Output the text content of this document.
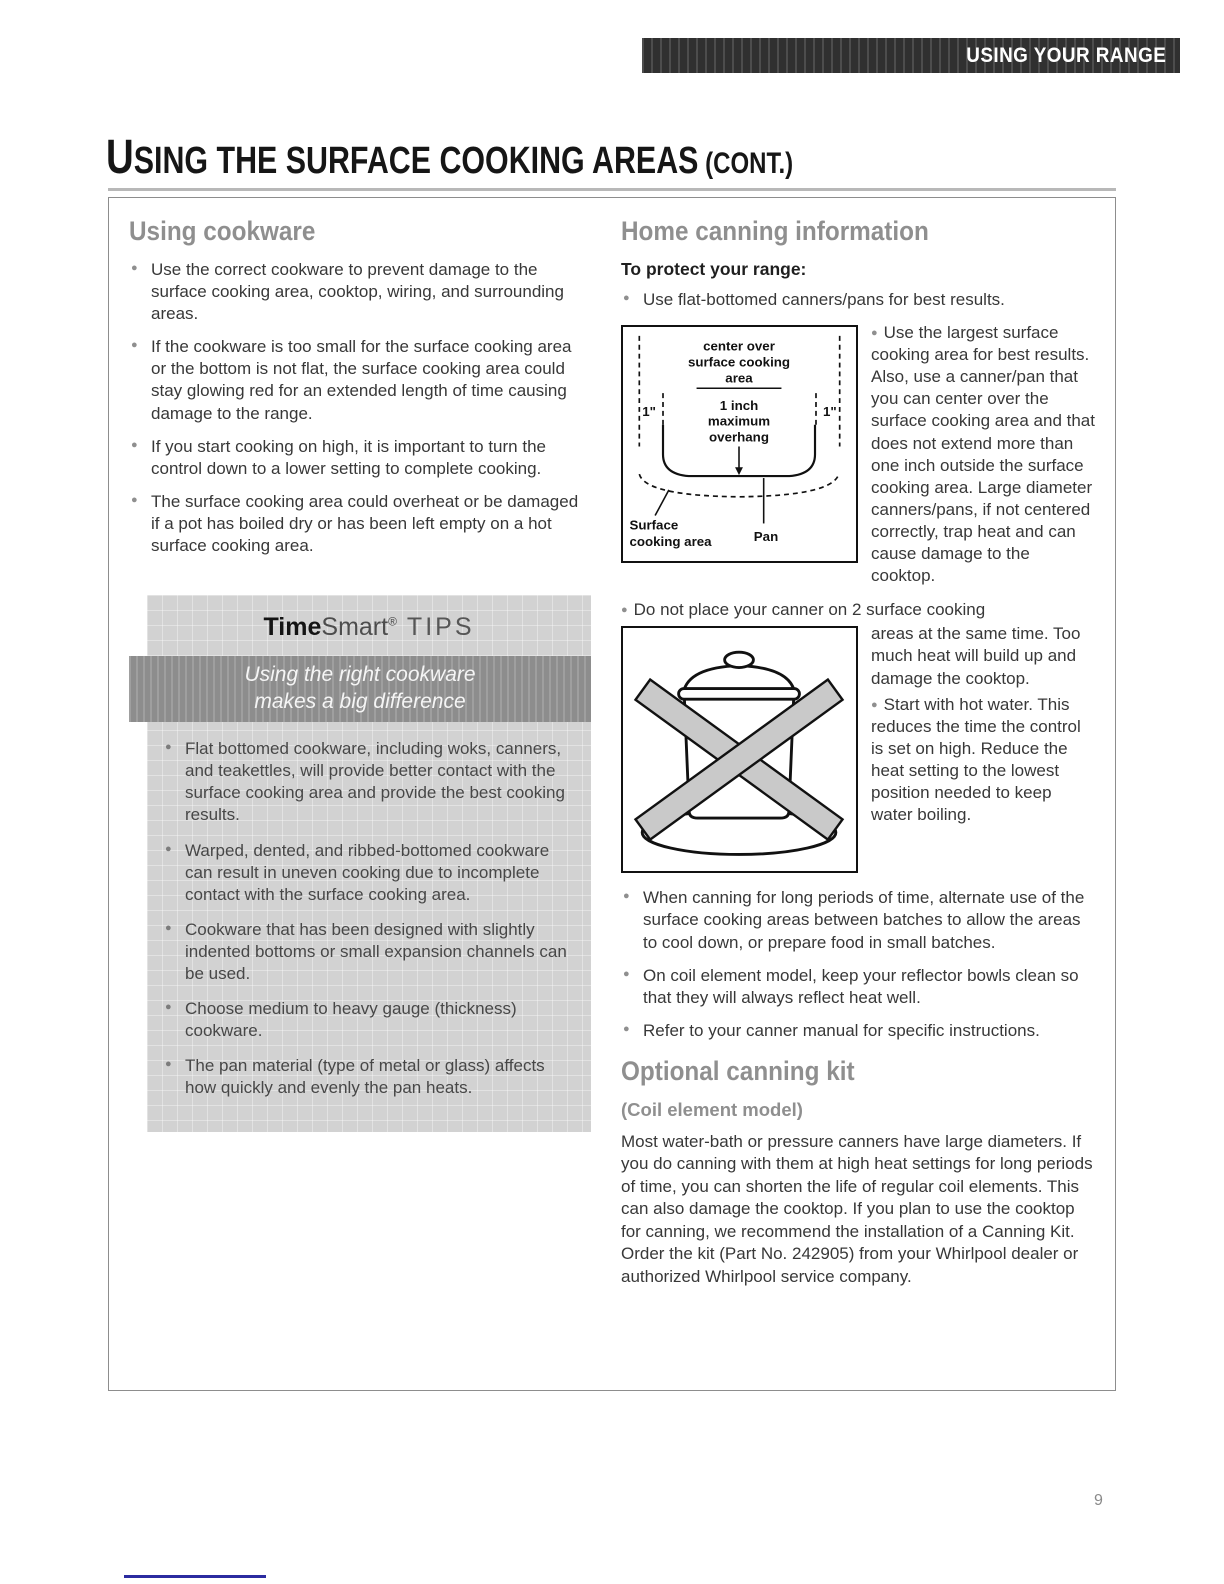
USING YOUR RANGE
USING THE SURFACE COOKING AREAS (CONT.)
Using cookware
● Use the correct cookware to prevent damage to the surface cooking area, cooktop, wiring, and surrounding areas.
● If the cookware is too small for the surface cooking area or the bottom is not flat, the surface cooking area could stay glowing red for an extended length of time causing damage to the range.
● If you start cooking on high, it is important to turn the control down to a lower setting to complete cooking.
● The surface cooking area could overheat or be damaged if a pot has boiled dry or has been left empty on a hot surface cooking area.
TimeSmart® TIPS
Using the right cookware
makes a big difference
● Flat bottomed cookware, including woks, canners, and teakettles, will provide better contact with the surface cooking area and provide the best cooking results.
● Warped, dented, and ribbed-bottomed cookware can result in uneven cooking due to incomplete contact with the surface cooking area.
● Cookware that has been designed with slightly indented bottoms or small expansion channels can be used.
● Choose medium to heavy gauge (thickness) cookware.
● The pan material (type of metal or glass) affects how quickly and evenly the pan heats.
Home canning information
To protect your range:
● Use flat-bottomed canners/pans for best results.
center over
surface cooking
area
1"	1"
1 inch
maximum
overhang
Surface
cooking area	Pan

● Use the largest surface cooking area for best results. Also, use a canner/pan that you can center over the surface cooking area and that does not extend more than one inch outside the surface cooking area. Large diameter canners/pans, if not centered correctly, trap heat and can cause damage to the cooktop.

● Do not place your canner on 2 surface cooking

areas at the same time. Too much heat will build up and damage the cooktop.

● Start with hot water. This reduces the time the control is set on high. Reduce the heat setting to the lowest position needed to keep water boiling.

● When canning for long periods of time, alternate use of the surface cooking areas between batches to allow the areas to cool down, or prepare food in small batches.
● On coil element model, keep your reflector bowls clean so that they will always reflect heat well.
● Refer to your canner manual for specific instructions.
Optional canning kit
(Coil element model)

Most water-bath or pressure canners have large diameters. If you do canning with them at high heat settings for long periods of time, you can shorten the life of regular coil elements. This can also damage the cooktop. If you plan to use the cooktop for canning, we recommend the installation of a Canning Kit. Order the kit (Part No. 242905) from your Whirlpool dealer or authorized Whirlpool service company.

9
